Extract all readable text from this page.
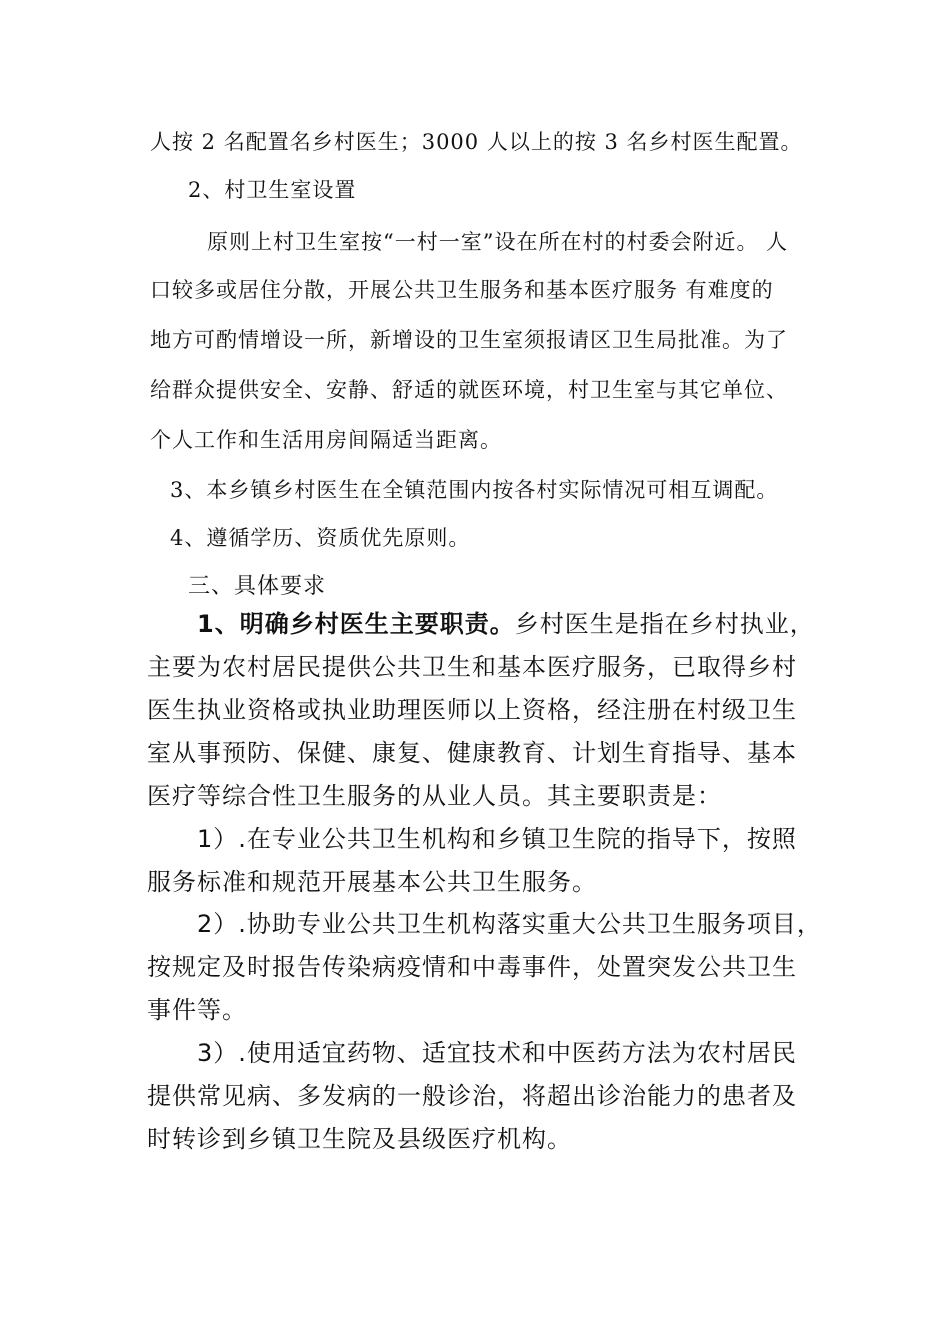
人按 2 名配置名乡村医生；3000 人以上的按 3 名乡村医生配置。
2、村卫生室设置
原则上村卫生室按“一村一室”设在所在村的村委会附近。 人
口较多或居住分散，开展公共卫生服务和基本医疗服务 有难度的
地方可酌情增设一所，新增设的卫生室须报请区卫生局批准。为了
给群众提供安全、安静、舒适的就医环境，村卫生室与其它单位、
个人工作和生活用房间隔适当距离。
3、本乡镇乡村医生在全镇范围内按各村实际情况可相互调配。
4、遵循学历、资质优先原则。
三、具体要求
1、明确乡村医生主要职责。乡村医生是指在乡村执业，
主要为农村居民提供公共卫生和基本医疗服务，已取得乡村
医生执业资格或执业助理医师以上资格，经注册在村级卫生
室从事预防、保健、康复、健康教育、计划生育指导、基本
医疗等综合性卫生服务的从业人员。其主要职责是：
1）.在专业公共卫生机构和乡镇卫生院的指导下，按照
服务标准和规范开展基本公共卫生服务。
2）.协助专业公共卫生机构落实重大公共卫生服务项目，
按规定及时报告传染病疫情和中毒事件，处置突发公共卫生
事件等。
3）.使用适宜药物、适宜技术和中医药方法为农村居民
提供常见病、多发病的一般诊治，将超出诊治能力的患者及
时转诊到乡镇卫生院及县级医疗机构。
